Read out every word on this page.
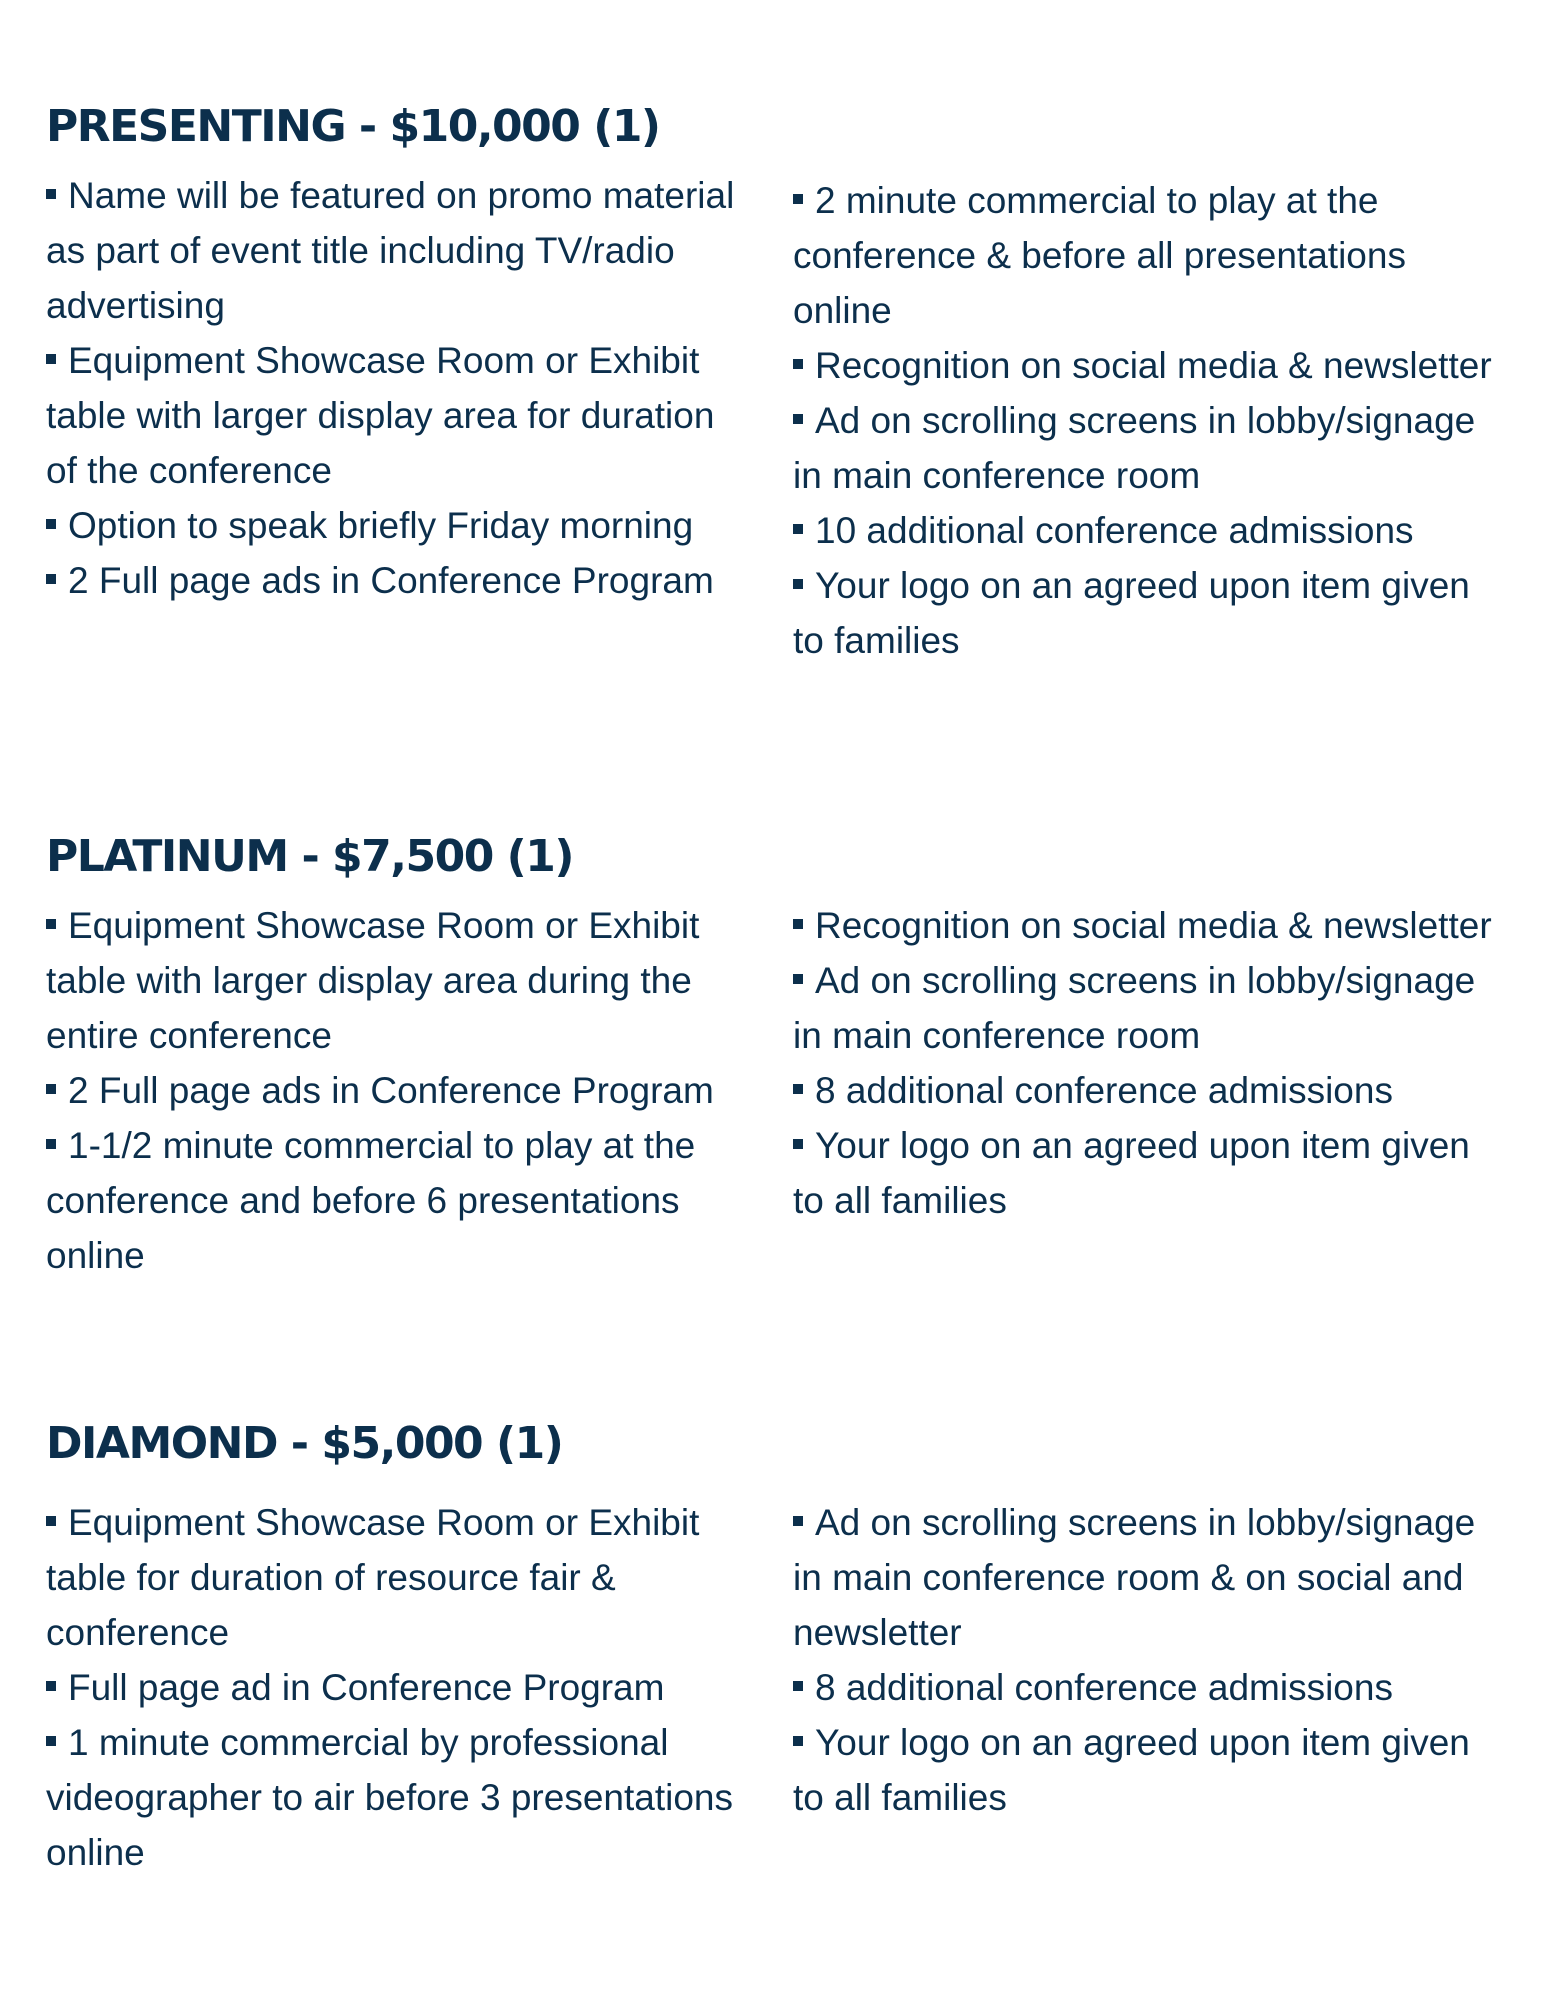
PRESENTING - $10,000 (1)
Name will be featured on promo material as part of event title including TV/radio advertising
Equipment Showcase Room or Exhibit table with larger display area for duration of the conference
Option to speak briefly Friday morning
2 Full page ads in Conference Program
2 minute commercial to play at the conference & before all presentations online
Recognition on social media & newsletter
Ad on scrolling screens in lobby/signage in main conference room
10 additional conference admissions
Your logo on an agreed upon item given to families
PLATINUM - $7,500 (1)
Equipment Showcase Room or Exhibit table with larger display area during the entire conference
2 Full page ads in Conference Program
1-1/2 minute commercial to play at the conference and before 6 presentations online
Recognition on social media & newsletter
Ad on scrolling screens in lobby/signage in main conference room
8 additional conference admissions
Your logo on an agreed upon item given to all families
DIAMOND - $5,000 (1)
Equipment Showcase Room or Exhibit table for duration of resource fair & conference
Full page ad in Conference Program
1 minute commercial by professional videographer to air before 3 presentations online
Ad on scrolling screens in lobby/signage in main conference room & on social and newsletter
8 additional conference admissions
Your logo on an agreed upon item given to all families
